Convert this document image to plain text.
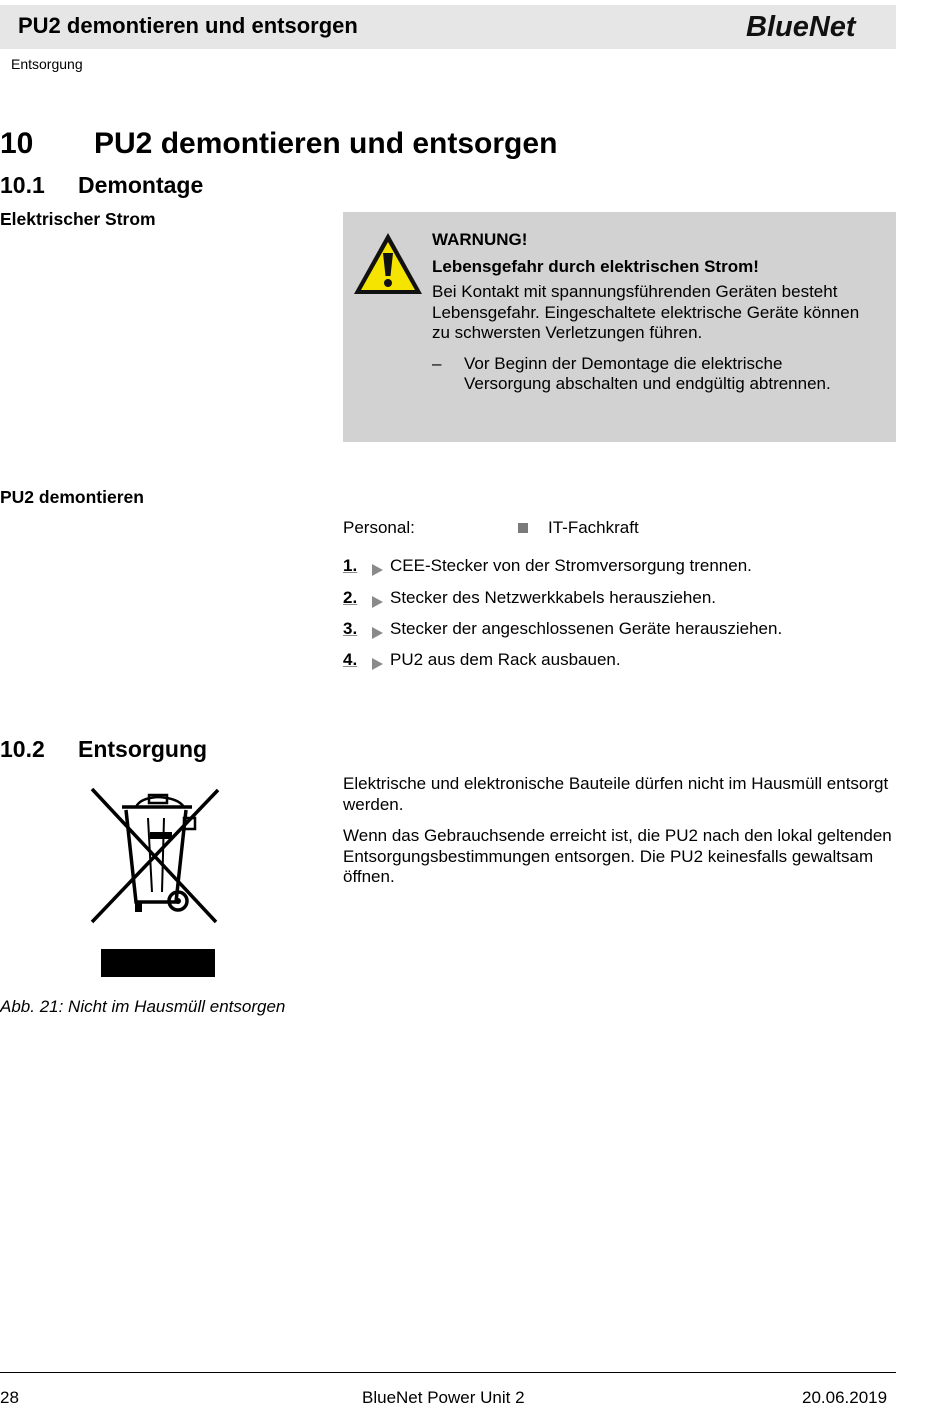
PU2 demontieren und entsorgen	BlueNet
Entsorgung
10 PU2 demontieren und entsorgen
10.1 Demontage
Elektrischer Strom
WARNUNG!
Lebensgefahr durch elektrischen Strom!
Bei Kontakt mit spannungsführenden Geräten besteht Lebensgefahr. Eingeschaltete elektrische Geräte können zu schwersten Verletzungen führen.
– Vor Beginn der Demontage die elektrische Versorgung abschalten und endgültig abtrennen.
PU2 demontieren
Personal:	IT-Fachkraft
1. CEE-Stecker von der Stromversorgung trennen.
2. Stecker des Netzwerkkabels herausziehen.
3. Stecker der angeschlossenen Geräte herausziehen.
4. PU2 aus dem Rack ausbauen.
10.2 Entsorgung
Elektrische und elektronische Bauteile dürfen nicht im Hausmüll entsorgt werden.
Wenn das Gebrauchsende erreicht ist, die PU2 nach den lokal geltenden Entsorgungsbestimmungen entsorgen. Die PU2 keinesfalls gewaltsam öffnen.
Abb. 21: Nicht im Hausmüll entsorgen
28	BlueNet Power Unit 2	20.06.2019
